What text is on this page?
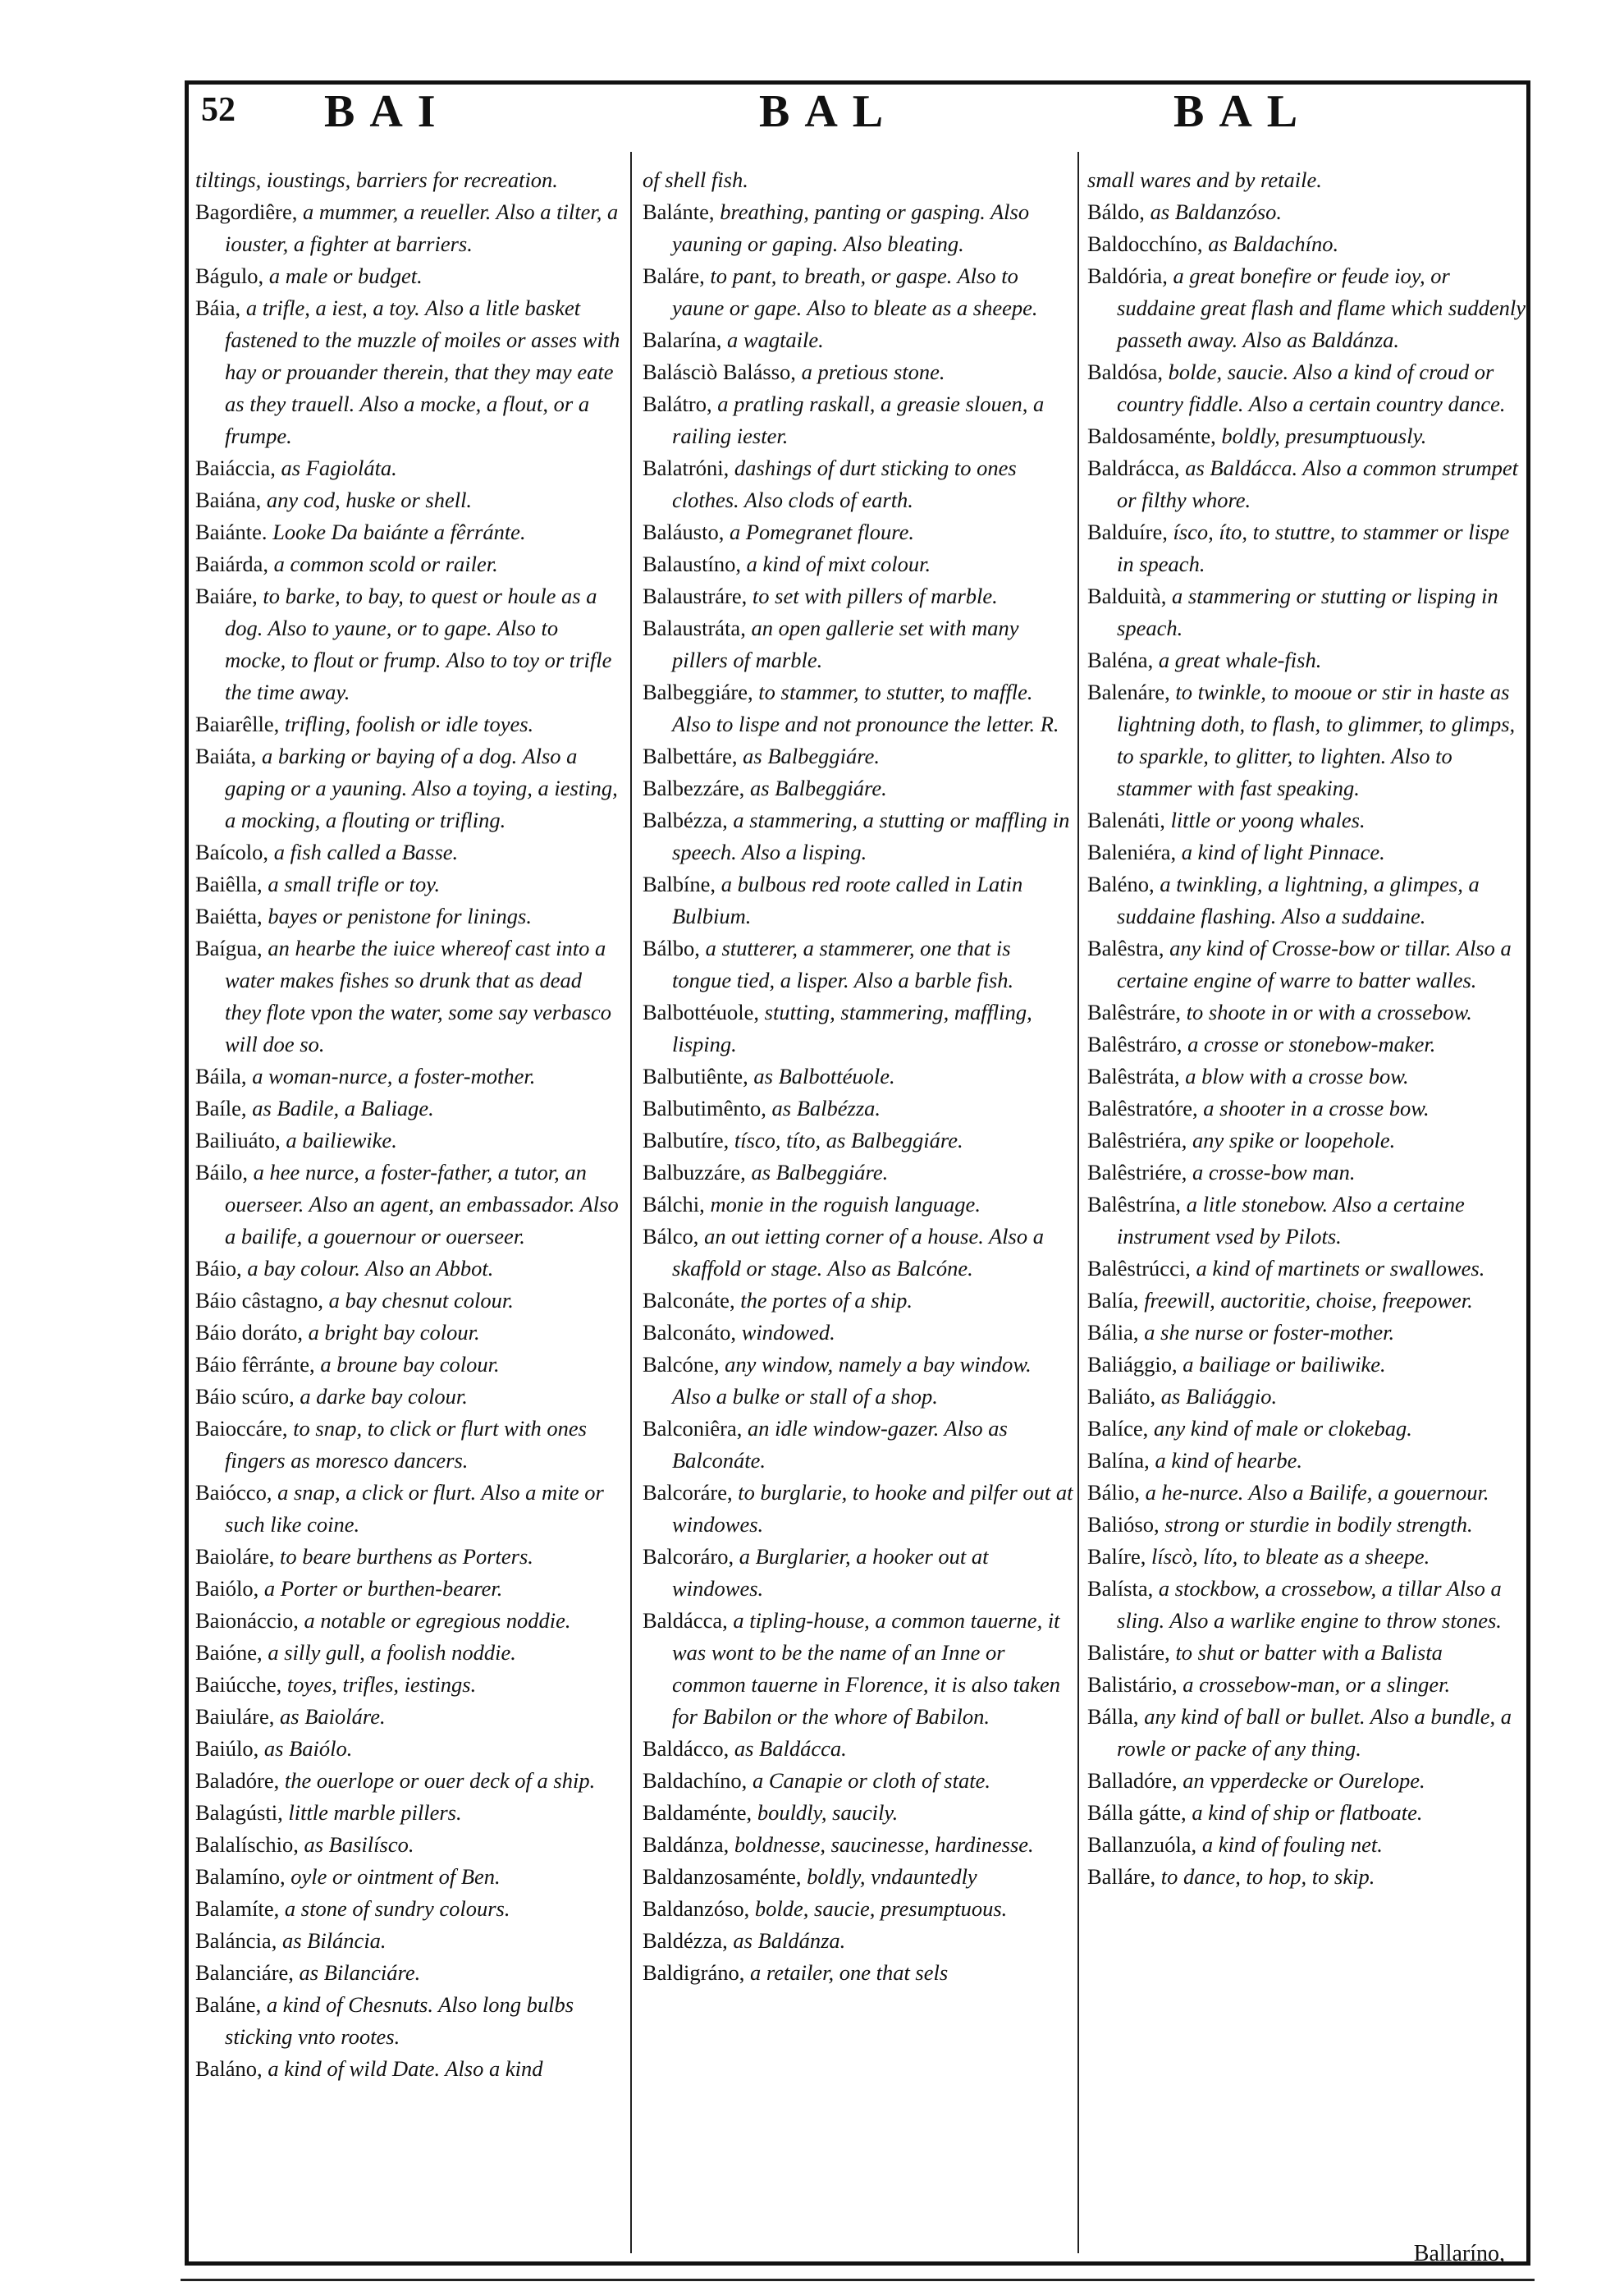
52 BAI	BAL	BAL

tiltings, ioustings, barriers for recreation.

Bagordiêre, a mummer, a reueller. Also a tilter, a iouster, a fighter at barriers.

Bágulo, a male or budget.

Báia, a trifle, a iest, a toy. Also a litle basket fastened to the muzzle of moiles or asses with hay or prouander therein, that they may eate as they trauell. Also a mocke, a flout, or a frumpe.

Baiáccia, as Fagioláta.

Baiána, any cod, huske or shell.

Baiánte. Looke Da baiánte a fêrránte.

Baiárda, a common scold or railer.

Baiáre, to barke, to bay, to quest or houle as a dog. Also to yaune, or to gape. Also to mocke, to flout or frump. Also to toy or trifle the time away.

Baiarêlle, trifling, foolish or idle toyes.

Baiáta, a barking or baying of a dog. Also a gaping or a yauning. Also a toying, a iesting, a mocking, a flouting or trifling.

Baícolo, a fish called a Basse.

Baiêlla, a small trifle or toy.

Baiétta, bayes or penistone for linings.

Baígua, an hearbe the iuice whereof cast into a water makes fishes so drunk that as dead they flote vpon the water, some say verbasco will doe so.

Báila, a woman-nurce, a foster-mother.

Baíle, as Badile, a Baliage.

Bailiuáto, a bailiewike.

Báilo, a hee nurce, a foster-father, a tutor, an ouerseer. Also an agent, an embassador. Also a bailife, a gouernour or ouerseer.

Báio, a bay colour. Also an Abbot.

Báio câstagno, a bay chesnut colour.

Báio doráto, a bright bay colour.

Báio fêrránte, a broune bay colour.

Báio scúro, a darke bay colour.

Baioccáre, to snap, to click or flurt with ones fingers as moresco dancers.

Baiócco, a snap, a click or flurt. Also a mite or such like coine.

Baioláre, to beare burthens as Porters.

Baiólo, a Porter or burthen-bearer.

Baionáccio, a notable or egregious noddie.

Baióne, a silly gull, a foolish noddie.

Baiúcche, toyes, trifles, iestings.

Baiuláre, as Baioláre.

Baiúlo, as Baiólo.

Baladóre, the ouerlope or ouer deck of a ship.

Balagústi, little marble pillers.

Balalíschio, as Basilísco.

Balamíno, oyle or ointment of Ben.

Balamíte, a stone of sundry colours.

Baláncia, as Biláncia.

Balanciáre, as Bilanciáre.

Baláne, a kind of Chesnuts. Also long bulbs sticking vnto rootes.

Baláno, a kind of wild Date. Also a kind

of shell fish.

Balánte, breathing, panting or gasping. Also yauning or gaping. Also bleating.

Baláre, to pant, to breath, or gaspe. Also to yaune or gape. Also to bleate as a sheepe.

Balarína, a wagtaile.

Balásciò Balásso, a pretious stone.

Balátro, a pratling raskall, a greasie slouen, a railing iester.

Balatróni, dashings of durt sticking to ones clothes. Also clods of earth.

Baláusto, a Pomegranet floure.

Balaustíno, a kind of mixt colour.

Balaustráre, to set with pillers of marble.

Balaustráta, an open gallerie set with many pillers of marble.

Balbeggiáre, to stammer, to stutter, to maffle. Also to lispe and not pronounce the letter. R.

Balbettáre, as Balbeggiáre.

Balbezzáre, as Balbeggiáre.

Balbézza, a stammering, a stutting or maffling in speech. Also a lisping.

Balbíne, a bulbous red roote called in Latin Bulbium.

Bálbo, a stutterer, a stammerer, one that is tongue tied, a lisper. Also a barble fish.

Balbottéuole, stutting, stammering, maffling, lisping.

Balbutiênte, as Balbottéuole.

Balbutimênto, as Balbézza.

Balbutíre, tísco, títo, as Balbeggiáre.

Balbuzzáre, as Balbeggiáre.

Bálchi, monie in the roguish language.

Bálco, an out ietting corner of a house. Also a skaffold or stage. Also as Balcóne.

Balconáte, the portes of a ship.

Balconáto, windowed.

Balcóne, any window, namely a bay window. Also a bulke or stall of a shop.

Balconiêra, an idle window-gazer. Also as Balconáte.

Balcoráre, to burglarie, to hooke and pilfer out at windowes.

Balcoráro, a Burglarier, a hooker out at windowes.

Baldácca, a tipling-house, a common tauerne, it was wont to be the name of an Inne or common tauerne in Florence, it is also taken for Babilon or the whore of Babilon.

Baldácco, as Baldácca.

Baldachíno, a Canapie or cloth of state.

Baldaménte, bouldly, saucily.

Baldánza, boldnesse, saucinesse, hardinesse.

Baldanzosaménte, boldly, vndauntedly

Baldanzóso, bolde, saucie, presumptuous.

Baldézza, as Baldánza.

Baldigráno, a retailer, one that sels

small wares and by retaile.

Báldo, as Baldanzóso.

Baldocchíno, as Baldachíno.

Baldória, a great bonefire or feude ioy, or suddaine great flash and flame which suddenly passeth away. Also as Baldánza.

Baldósa, bolde, saucie. Also a kind of croud or country fiddle. Also a certain country dance.

Baldosaménte, boldly, presumptuously.

Baldrácca, as Baldácca. Also a common strumpet or filthy whore.

Balduíre, ísco, íto, to stuttre, to stammer or lispe in speach.

Balduità, a stammering or stutting or lisping in speach.

Baléna, a great whale-fish.

Balenáre, to twinkle, to mooue or stir in haste as lightning doth, to flash, to glimmer, to glimps, to sparkle, to glitter, to lighten. Also to stammer with fast speaking.

Balenáti, little or yoong whales.

Baleniéra, a kind of light Pinnace.

Baléno, a twinkling, a lightning, a glimpes, a suddaine flashing. Also a suddaine.

Balêstra, any kind of Crosse-bow or tillar. Also a certaine engine of warre to batter walles.

Balêstráre, to shoote in or with a crossebow.

Balêstráro, a crosse or stonebow-maker.

Balêstráta, a blow with a crosse bow.

Balêstratóre, a shooter in a crosse bow.

Balêstriéra, any spike or loopehole.

Balêstriére, a crosse-bow man.

Balêstrína, a litle stonebow. Also a certaine instrument vsed by Pilots.

Balêstrúcci, a kind of martinets or swallowes.

Balía, freewill, auctoritie, choise, freepower.

Bália, a she nurse or foster-mother.

Baliággio, a bailiage or bailiwike.

Baliáto, as Baliággio.

Balíce, any kind of male or clokebag.

Balína, a kind of hearbe.

Bálio, a he-nurce. Also a Bailife, a gouernour.

Balióso, strong or sturdie in bodily strength.

Balíre, líscò, líto, to bleate as a sheepe.

Balísta, a stockbow, a crossebow, a tillar Also a sling. Also a warlike engine to throw stones.

Balistáre, to shut or batter with a Balista

Balistário, a crossebow-man, or a slinger.

Bálla, any kind of ball or bullet. Also a bundle, a rowle or packe of any thing.

Balladóre, an vpperdecke or Ourelope.

Bálla gátte, a kind of ship or flatboate.

Ballanzuóla, a kind of fouling net.

Balláre, to dance, to hop, to skip.

Ballaríno,
